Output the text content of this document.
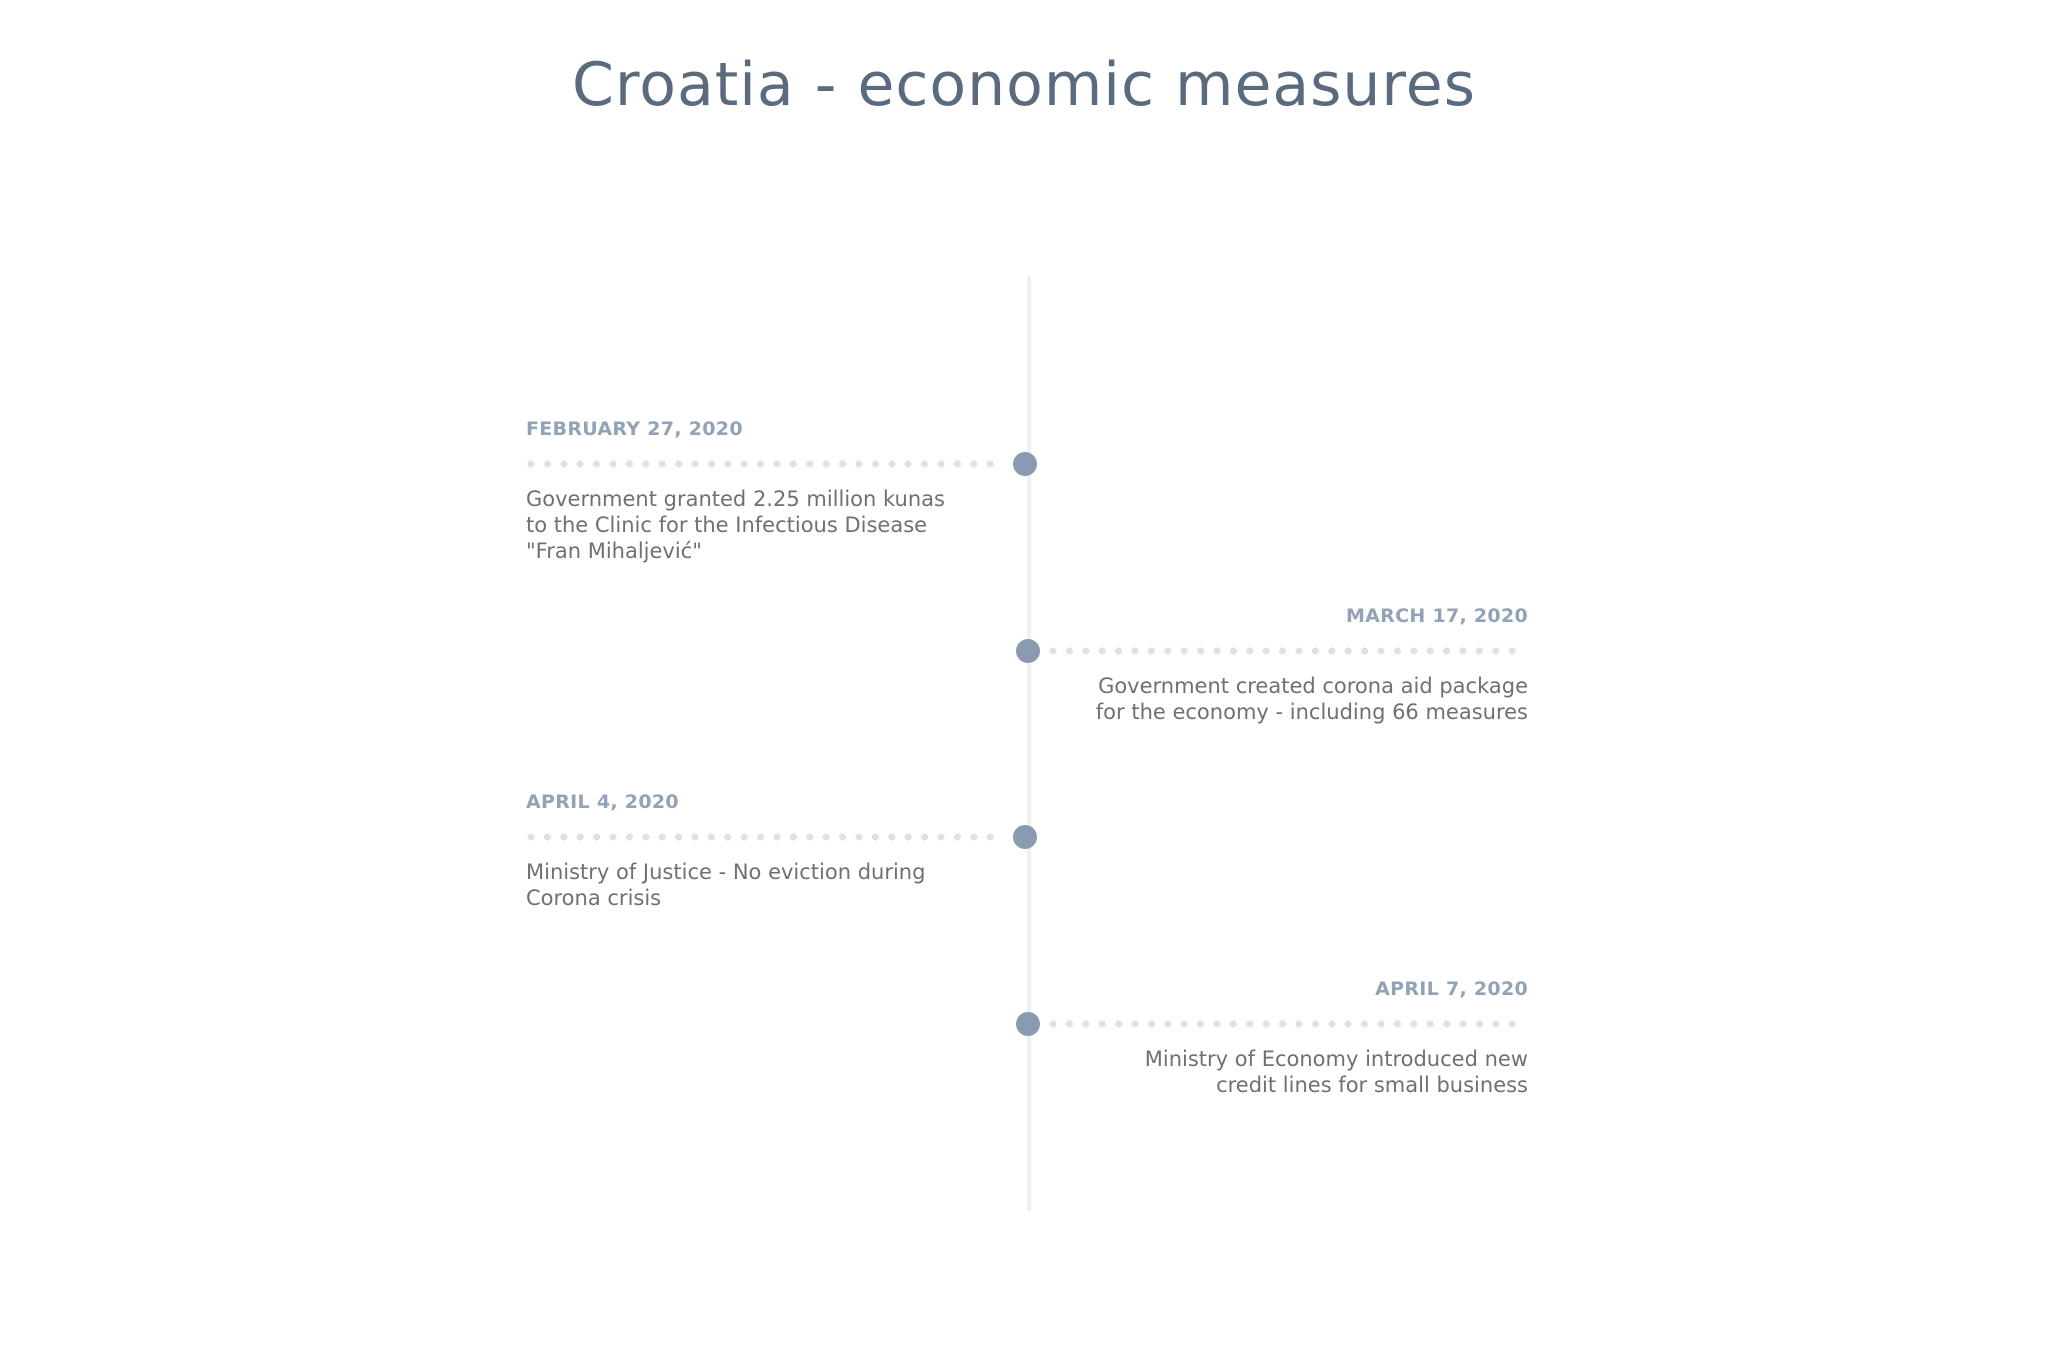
Croatia - economic measures
FEBRUARY 27, 2020

Government granted 2.25 million kunas to the Clinic for the Infectious Disease "Fran Mihaljević"

MARCH 17, 2020

Government created corona aid package for the economy - including 66 measures

APRIL 4, 2020

Ministry of Justice - No eviction during Corona crisis

APRIL 7, 2020

Ministry of Economy introduced new credit lines for small business
